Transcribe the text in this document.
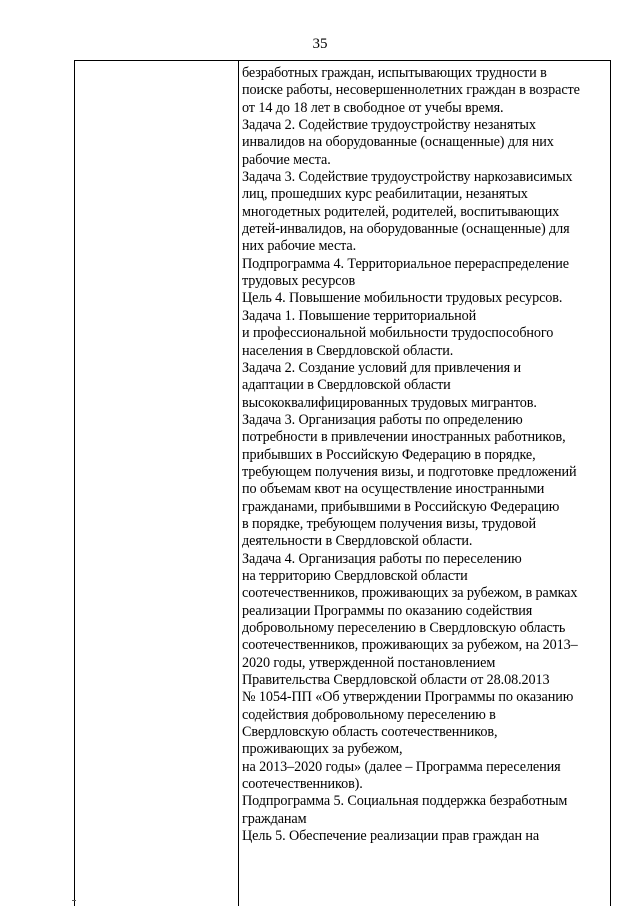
35
безработных граждан, испытывающих трудности в
поиске работы, несовершеннолетних граждан в возрасте
от 14 до 18 лет в свободное от учебы время.
Задача 2. Содействие трудоустройству незанятых
инвалидов на оборудованные (оснащенные) для них
рабочие места.
Задача 3. Содействие трудоустройству наркозависимых
лиц, прошедших курс реабилитации, незанятых
многодетных родителей, родителей, воспитывающих
детей-инвалидов, на оборудованные (оснащенные) для
них рабочие места.
Подпрограмма 4. Территориальное перераспределение
трудовых ресурсов
Цель 4. Повышение мобильности трудовых ресурсов.
Задача 1. Повышение территориальной
и профессиональной мобильности трудоспособного
населения в Свердловской области.
Задача 2. Создание условий для привлечения и
адаптации в Свердловской области
высококвалифицированных трудовых мигрантов.
Задача 3. Организация работы по определению
потребности в привлечении иностранных работников,
прибывших в Российскую Федерацию в порядке,
требующем получения визы, и подготовке предложений
по объемам квот на осуществление иностранными
гражданами, прибывшими в Российскую Федерацию
в порядке, требующем получения визы, трудовой
деятельности в Свердловской области.
Задача 4. Организация работы по переселению
на территорию Свердловской области
соотечественников, проживающих за рубежом, в рамках
реализации Программы по оказанию содействия
добровольному переселению в Свердловскую область
соотечественников, проживающих за рубежом, на 2013–
2020 годы, утвержденной постановлением
Правительства Свердловской области от 28.08.2013
№ 1054-ПП «Об утверждении Программы по оказанию
содействия добровольному переселению в
Свердловскую область соотечественников,
проживающих за рубежом,
на 2013–2020 годы» (далее – Программа переселения
соотечественников).
Подпрограмма 5. Социальная поддержка безработным
гражданам
Цель 5. Обеспечение реализации прав граждан на
